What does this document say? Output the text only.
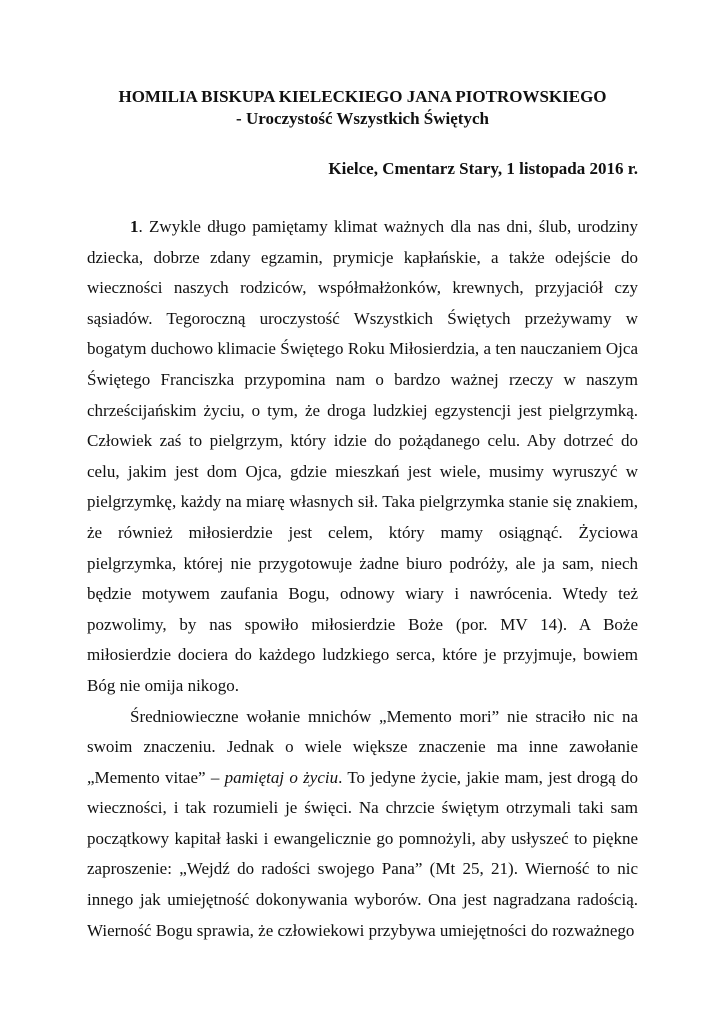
HOMILIA BISKUPA KIELECKIEGO JANA PIOTROWSKIEGO

- Uroczystość Wszystkich Świętych

Kielce, Cmentarz Stary, 1 listopada 2016 r.

1. Zwykle długo pamiętamy klimat ważnych dla nas dni, ślub, urodziny dziecka, dobrze zdany egzamin, prymicje kapłańskie, a także odejście do wieczności naszych rodziców, współmałżonków, krewnych, przyjaciół czy sąsiadów. Tegoroczną uroczystość Wszystkich Świętych przeżywamy w bogatym duchowo klimacie Świętego Roku Miłosierdzia, a ten nauczaniem Ojca Świętego Franciszka przypomina nam o bardzo ważnej rzeczy w naszym chrześcijańskim życiu, o tym, że droga ludzkiej egzystencji jest pielgrzymką. Człowiek zaś to pielgrzym, który idzie do pożądanego celu. Aby dotrzeć do celu, jakim jest dom Ojca, gdzie mieszkań jest wiele, musimy wyruszyć w pielgrzymkę, każdy na miarę własnych sił. Taka pielgrzymka stanie się znakiem, że również miłosierdzie jest celem, który mamy osiągnąć. Życiowa pielgrzymka, której nie przygotowuje żadne biuro podróży, ale ja sam, niech będzie motywem zaufania Bogu, odnowy wiary i nawrócenia. Wtedy też pozwolimy, by nas spowiło miłosierdzie Boże (por. MV 14). A Boże miłosierdzie dociera do każdego ludzkiego serca, które je przyjmuje, bowiem Bóg nie omija nikogo.

Średniowieczne wołanie mnichów „Memento mori” nie straciło nic na swoim znaczeniu. Jednak o wiele większe znaczenie ma inne zawołanie „Memento vitae” – pamiętaj o życiu. To jedyne życie, jakie mam, jest drogą do wieczności, i tak rozumieli je święci. Na chrzcie świętym otrzymali taki sam początkowy kapitał łaski i ewangelicznie go pomnożyli, aby usłyszeć to piękne zaproszenie: „Wejdź do radości swojego Pana” (Mt 25, 21). Wierność to nic innego jak umiejętność dokonywania wyborów. Ona jest nagradzana radością. Wierność Bogu sprawia, że człowiekowi przybywa umiejętności do rozważnego
